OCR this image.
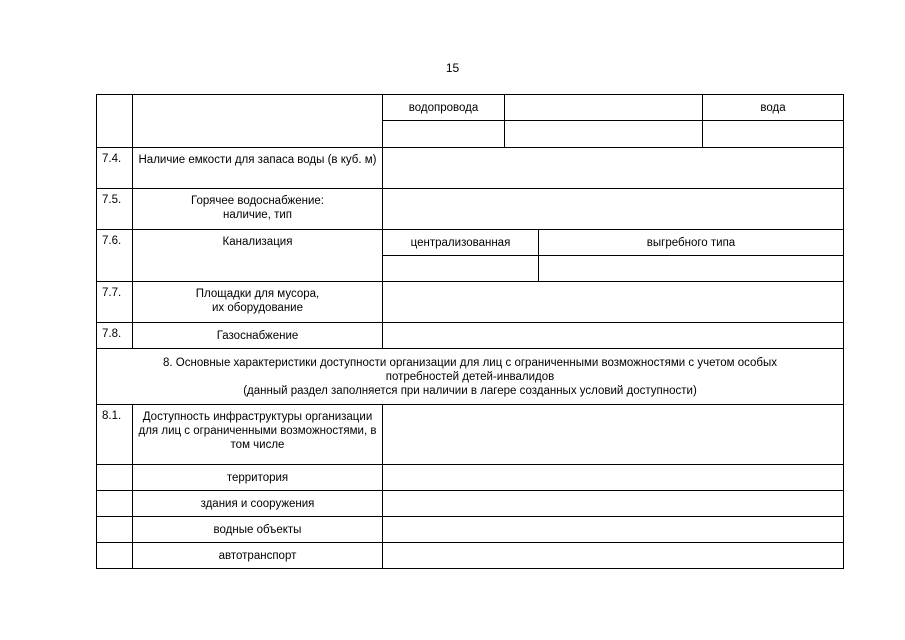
15
		водопровода			вода

7.4.	Наличие емкости для запаса воды (в куб. м)				
7.5.	Горячее водоснабжение:
наличие, тип				
7.6.	Канализация	централизованная		выгребного типа	

7.7.	Площадки для мусора,
их оборудование				
7.8.	Газоснабжение				
8. Основные характеристики доступности организации для лиц с ограниченными возможностями с учетом особых
потребностей детей-инвалидов
(данный раздел заполняется при наличии в лагере созданных условий доступности)					
8.1.	Доступность инфраструктуры организации для лиц с ограниченными возможностями, в том числе				
	территория				
	здания и сооружения				
	водные объекты				
	автотранспорт				
